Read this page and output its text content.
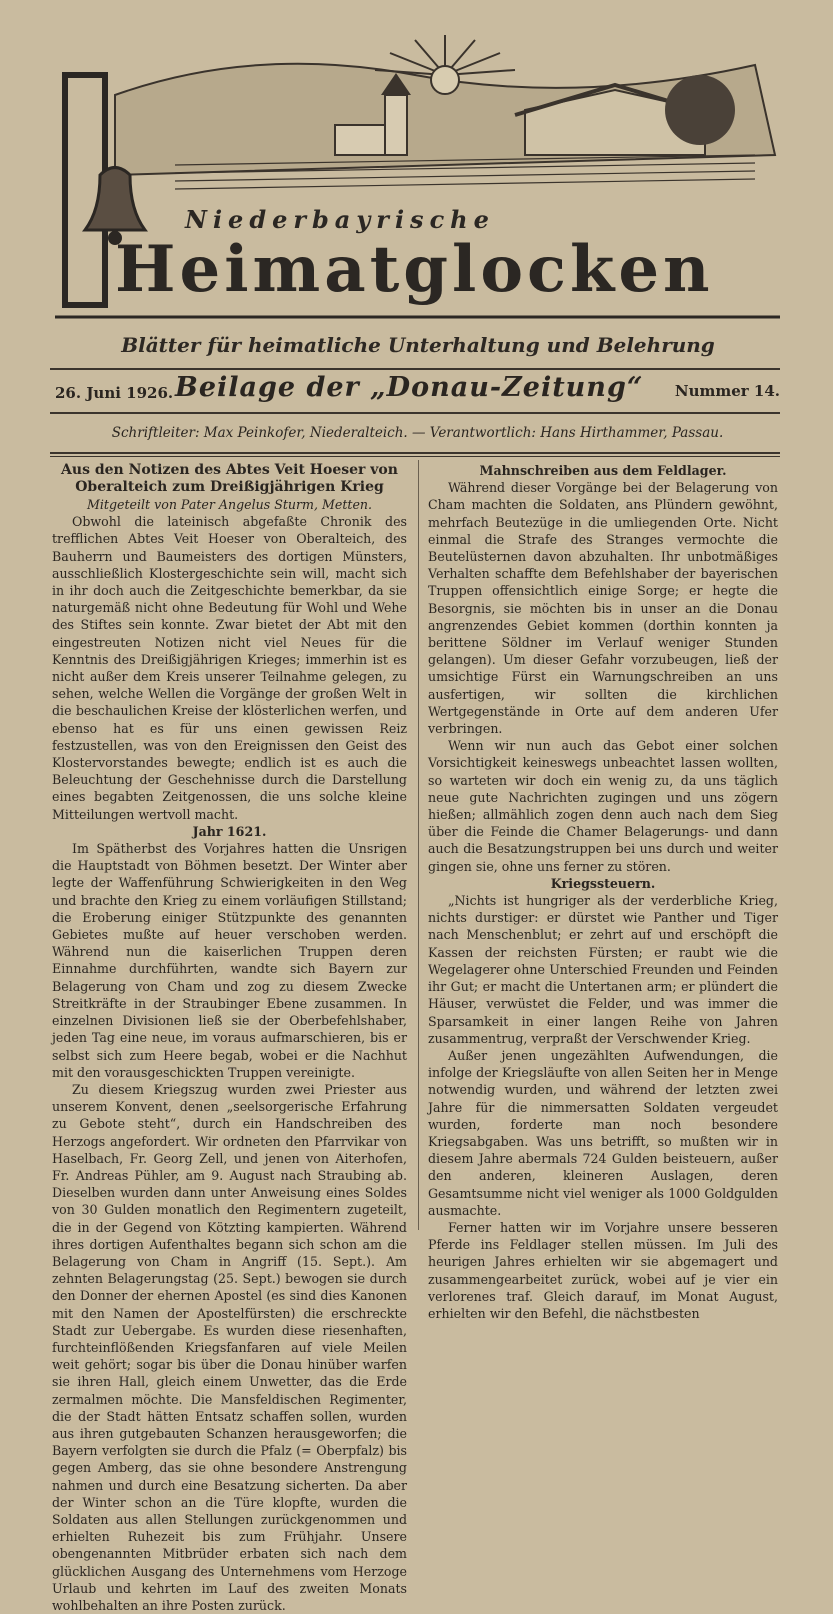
Niederbayrische
Heimatglocken
Blätter für heimatliche Unterhaltung und Belehrung
26. Juni 1926. Beilage der „Donau-Zeitung“ Nummer 14.
Schriftleiter: Max Peinkofer, Niederalteich. — Verantwortlich: Hans Hirthammer, Passau.

Aus den Notizen des Abtes Veit Hoeser von Oberalteich zum Dreißigjährigen Krieg

Mitgeteilt von Pater Angelus Sturm, Metten.

Obwohl die lateinisch abgefaßte Chronik des trefflichen Abtes Veit Hoeser von Oberalteich, des Bauherrn und Baumeisters des dortigen Münsters, ausschließlich Klostergeschichte sein will, macht sich in ihr doch auch die Zeitgeschichte bemerkbar, da sie naturgemäß nicht ohne Bedeutung für Wohl und Wehe des Stiftes sein konnte. Zwar bietet der Abt mit den eingestreuten Notizen nicht viel Neues für die Kenntnis des Dreißigjährigen Krieges; immerhin ist es nicht außer dem Kreis unserer Teilnahme gelegen, zu sehen, welche Wellen die Vorgänge der großen Welt in die beschaulichen Kreise der klösterlichen werfen, und ebenso hat es für uns einen gewissen Reiz festzustellen, was von den Ereignissen den Geist des Klostervorstandes bewegte; endlich ist es auch die Beleuchtung der Geschehnisse durch die Darstellung eines begabten Zeitgenossen, die uns solche kleine Mitteilungen wertvoll macht.

Jahr 1621.

Im Spätherbst des Vorjahres hatten die Unsrigen die Hauptstadt von Böhmen besetzt. Der Winter aber legte der Waffenführung Schwierigkeiten in den Weg und brachte den Krieg zu einem vorläufigen Stillstand; die Eroberung einiger Stützpunkte des genannten Gebietes mußte auf heuer verschoben werden. Während nun die kaiserlichen Truppen deren Einnahme durchführten, wandte sich Bayern zur Belagerung von Cham und zog zu diesem Zwecke Streitkräfte in der Straubinger Ebene zusammen. In einzelnen Divisionen ließ sie der Oberbefehlshaber, jeden Tag eine neue, im voraus aufmarschieren, bis er selbst sich zum Heere begab, wobei er die Nachhut mit den vorausgeschickten Truppen vereinigte.

Zu diesem Kriegszug wurden zwei Priester aus unserem Konvent, denen „seelsorgerische Erfahrung zu Gebote steht“, durch ein Handschreiben des Herzogs angefordert. Wir ordneten den Pfarrvikar von Haselbach, Fr. Georg Zell, und jenen von Aiterhofen, Fr. Andreas Pühler, am 9. August nach Straubing ab. Dieselben wurden dann unter Anweisung eines Soldes von 30 Gulden monatlich den Regimentern zugeteilt, die in der Gegend von Kötzting kampierten. Während ihres dortigen Aufenthaltes begann sich schon am die Belagerung von Cham in Angriff (15. Sept.). Am zehnten Belagerungstag (25. Sept.) bewogen sie durch den Donner der ehernen Apostel (es sind dies Kanonen mit den Namen der Apostelfürsten) die erschreckte Stadt zur Uebergabe. Es wurden diese riesenhaften, furchteinflößenden Kriegsfanfaren auf viele Meilen weit gehört; sogar bis über die Donau hinüber warfen sie ihren Hall, gleich einem Unwetter, das die Erde zermalmen möchte. Die Mansfeldischen Regimenter, die der Stadt hätten Entsatz schaffen sollen, wurden aus ihren gutgebauten Schanzen herausgeworfen; die Bayern verfolgten sie durch die Pfalz (= Oberpfalz) bis gegen Amberg, das sie ohne besondere Anstrengung nahmen und durch eine Besatzung sicherten. Da aber der Winter schon an die Türe klopfte, wurden die Soldaten aus allen Stellungen zurückgenommen und erhielten Ruhezeit bis zum Frühjahr. Unsere obengenannten Mitbrüder erbaten sich nach dem glücklichen Ausgang des Unternehmens vom Herzoge Urlaub und kehrten im Lauf des zweiten Monats wohlbehalten an ihre Posten zurück.

Mahnschreiben aus dem Feldlager.

Während dieser Vorgänge bei der Belagerung von Cham machten die Soldaten, ans Plündern gewöhnt, mehrfach Beutezüge in die umliegenden Orte. Nicht einmal die Strafe des Stranges vermochte die Beutelüsternen davon abzuhalten. Ihr unbotmäßiges Verhalten schaffte dem Befehlshaber der bayerischen Truppen offensichtlich einige Sorge; er hegte die Besorgnis, sie möchten bis in unser an die Donau angrenzendes Gebiet kommen (dorthin konnten ja berittene Söldner im Verlauf weniger Stunden gelangen). Um dieser Gefahr vorzubeugen, ließ der umsichtige Fürst ein Warnungschreiben an uns ausfertigen, wir sollten die kirchlichen Wertgegenstände in Orte auf dem anderen Ufer verbringen.

Wenn wir nun auch das Gebot einer solchen Vorsichtigkeit keineswegs unbeachtet lassen wollten, so warteten wir doch ein wenig zu, da uns täglich neue gute Nachrichten zugingen und uns zögern hießen; allmählich zogen denn auch nach dem Sieg über die Feinde die Chamer Belagerungs- und dann auch die Besatzungstruppen bei uns durch und weiter gingen sie, ohne uns ferner zu stören.

Kriegssteuern.

„Nichts ist hungriger als der verderbliche Krieg, nichts durstiger: er dürstet wie Panther und Tiger nach Menschenblut; er zehrt auf und erschöpft die Kassen der reichsten Fürsten; er raubt wie die Wegelagerer ohne Unterschied Freunden und Feinden ihr Gut; er macht die Untertanen arm; er plündert die Häuser, verwüstet die Felder, und was immer die Sparsamkeit in einer langen Reihe von Jahren zusammentrug, verpraßt der Verschwender Krieg.

Außer jenen ungezählten Aufwendungen, die infolge der Kriegsläufte von allen Seiten her in Menge notwendig wurden, und während der letzten zwei Jahre für die nimmersatten Soldaten vergeudet wurden, forderte man noch besondere Kriegsabgaben. Was uns betrifft, so mußten wir in diesem Jahre abermals 724 Gulden beisteuern, außer den anderen, kleineren Auslagen, deren Gesamtsumme nicht viel weniger als 1000 Goldgulden ausmachte.

Ferner hatten wir im Vorjahre unsere besseren Pferde ins Feldlager stellen müssen. Im Juli des heurigen Jahres erhielten wir sie abgemagert und zusammengearbeitet zurück, wobei auf je vier ein verlorenes traf. Gleich darauf, im Monat August, erhielten wir den Befehl, die nächstbesten
